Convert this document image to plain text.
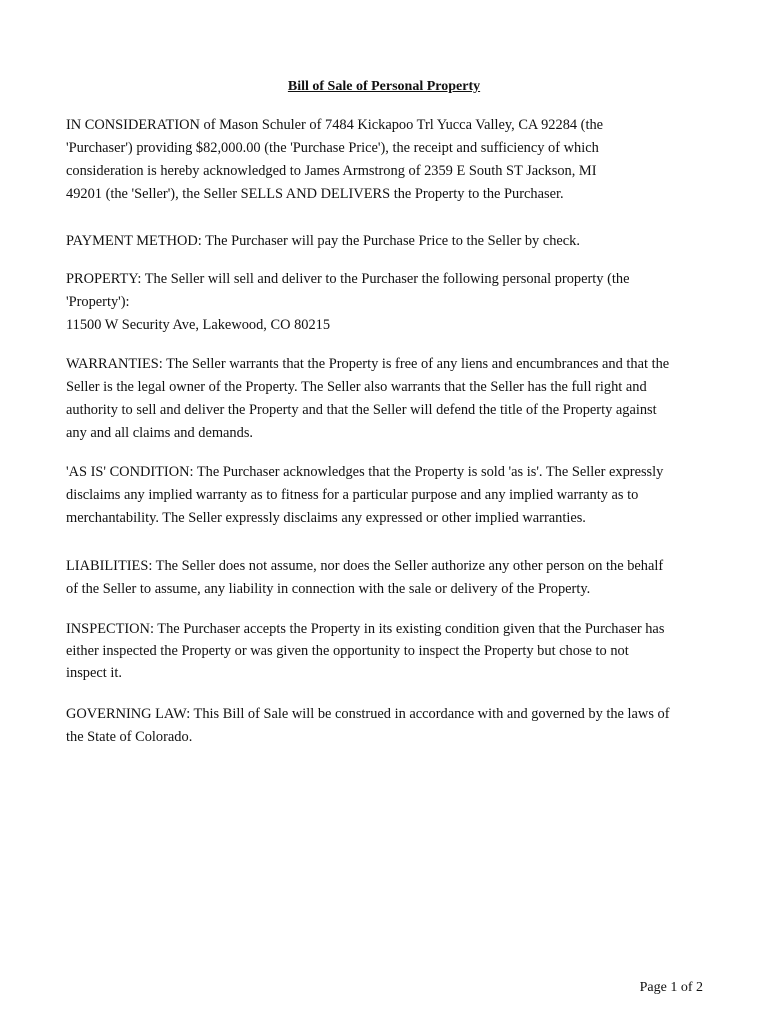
Bill of Sale of Personal Property

IN CONSIDERATION of Mason Schuler of 7484 Kickapoo Trl Yucca Valley, CA 92284 (the
'Purchaser') providing $82,000.00 (the 'Purchase Price'), the receipt and sufficiency of which
consideration is hereby acknowledged to James Armstrong of 2359 E South ST Jackson, MI
49201 (the 'Seller'), the Seller SELLS AND DELIVERS the Property to the Purchaser.

PAYMENT METHOD: The Purchaser will pay the Purchase Price to the Seller by check.

PROPERTY: The Seller will sell and deliver to the Purchaser the following personal property (the
'Property'):
11500 W Security Ave, Lakewood, CO 80215

WARRANTIES: The Seller warrants that the Property is free of any liens and encumbrances and that the
Seller is the legal owner of the Property. The Seller also warrants that the Seller has the full right and
authority to sell and deliver the Property and that the Seller will defend the title of the Property against
any and all claims and demands.

'AS IS' CONDITION: The Purchaser acknowledges that the Property is sold 'as is'. The Seller expressly
disclaims any implied warranty as to fitness for a particular purpose and any implied warranty as to
merchantability. The Seller expressly disclaims any expressed or other implied warranties.

LIABILITIES: The Seller does not assume, nor does the Seller authorize any other person on the behalf
of the Seller to assume, any liability in connection with the sale or delivery of the Property.

INSPECTION: The Purchaser accepts the Property in its existing condition given that the Purchaser has
either inspected the Property or was given the opportunity to inspect the Property but chose to not
inspect it.

GOVERNING LAW: This Bill of Sale will be construed in accordance with and governed by the laws of
the State of Colorado.

Page 1 of 2
